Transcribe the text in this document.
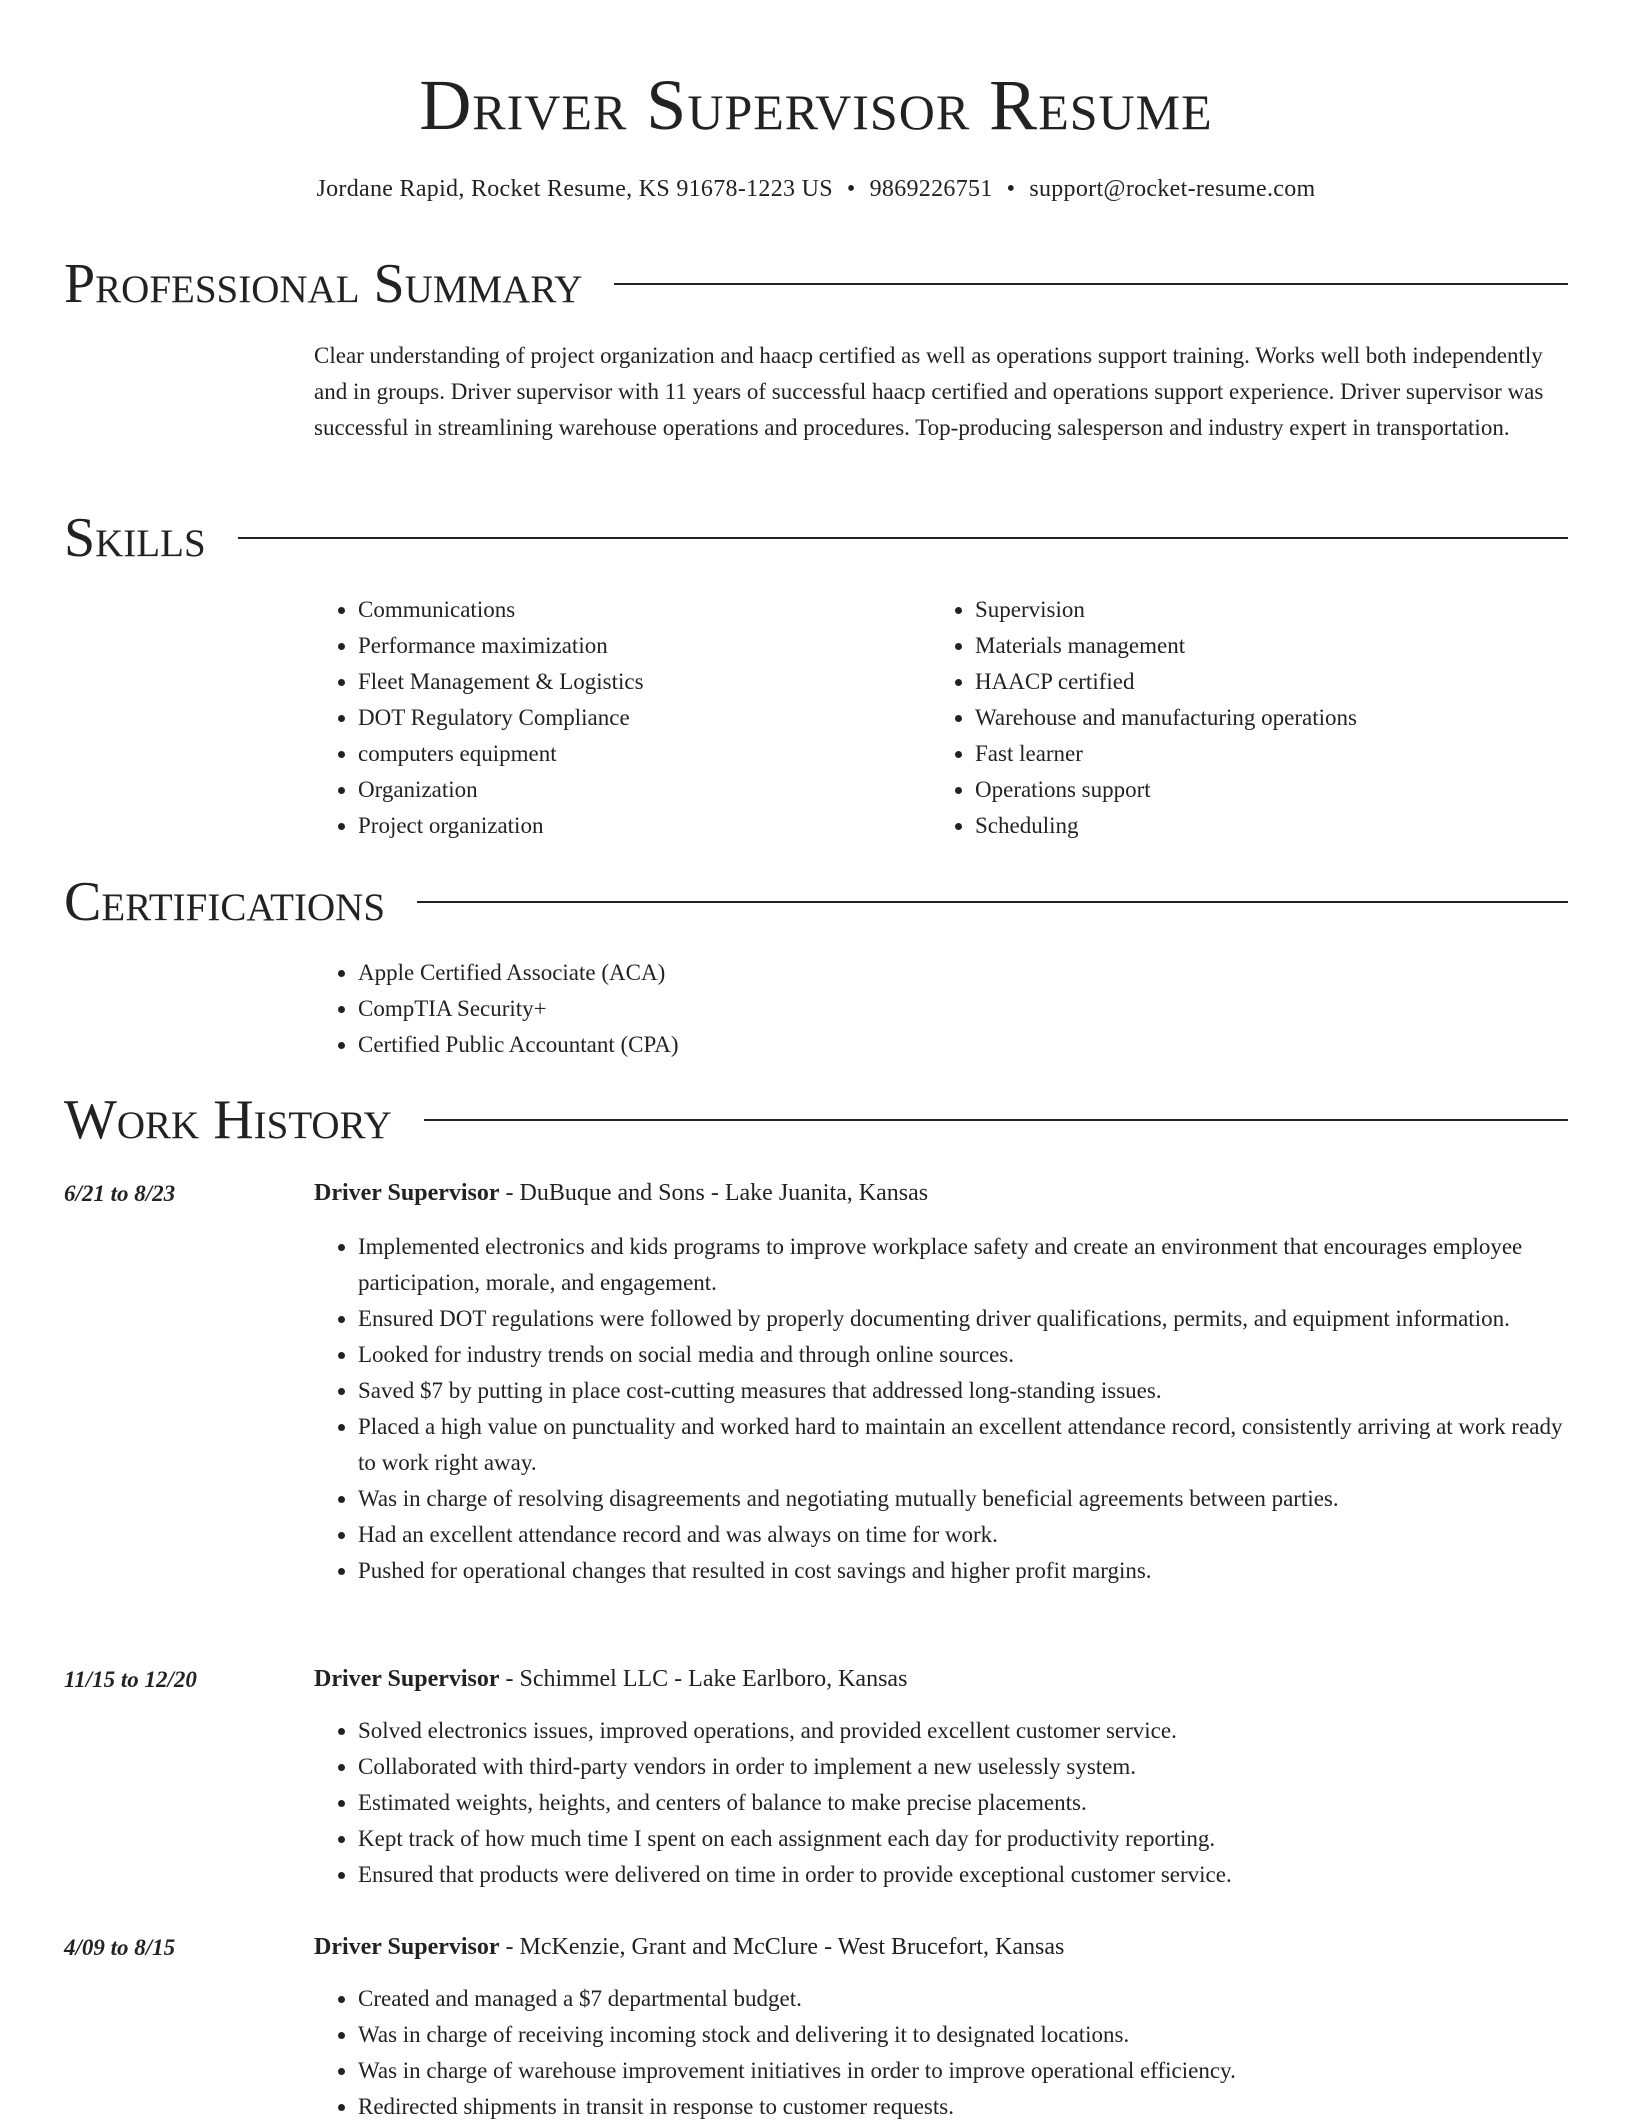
Driver Supervisor Resume
Jordane Rapid, Rocket Resume, KS 91678-1223 US • 9869226751 • support@rocket-resume.com
Professional Summary
Clear understanding of project organization and haacp certified as well as operations support training. Works well both independently and in groups. Driver supervisor with 11 years of successful haacp certified and operations support experience. Driver supervisor was successful in streamlining warehouse operations and procedures. Top-producing salesperson and industry expert in transportation.
Skills
• Communications
• Performance maximization
• Fleet Management & Logistics
• DOT Regulatory Compliance
• computers equipment
• Organization
• Project organization
• Supervision
• Materials management
• HAACP certified
• Warehouse and manufacturing operations
• Fast learner
• Operations support
• Scheduling
Certifications
• Apple Certified Associate (ACA)
• CompTIA Security+
• Certified Public Accountant (CPA)
Work History
6/21 to 8/23	Driver Supervisor - DuBuque and Sons - Lake Juanita, Kansas
• Implemented electronics and kids programs to improve workplace safety and create an environment that encourages employee participation, morale, and engagement.
• Ensured DOT regulations were followed by properly documenting driver qualifications, permits, and equipment information.
• Looked for industry trends on social media and through online sources.
• Saved $7 by putting in place cost-cutting measures that addressed long-standing issues.
• Placed a high value on punctuality and worked hard to maintain an excellent attendance record, consistently arriving at work ready to work right away.
• Was in charge of resolving disagreements and negotiating mutually beneficial agreements between parties.
• Had an excellent attendance record and was always on time for work.
• Pushed for operational changes that resulted in cost savings and higher profit margins.
11/15 to 12/20	Driver Supervisor - Schimmel LLC - Lake Earlboro, Kansas
• Solved electronics issues, improved operations, and provided excellent customer service.
• Collaborated with third-party vendors in order to implement a new uselessly system.
• Estimated weights, heights, and centers of balance to make precise placements.
• Kept track of how much time I spent on each assignment each day for productivity reporting.
• Ensured that products were delivered on time in order to provide exceptional customer service.
4/09 to 8/15	Driver Supervisor - McKenzie, Grant and McClure - West Brucefort, Kansas
• Created and managed a $7 departmental budget.
• Was in charge of receiving incoming stock and delivering it to designated locations.
• Was in charge of warehouse improvement initiatives in order to improve operational efficiency.
• Redirected shipments in transit in response to customer requests.
